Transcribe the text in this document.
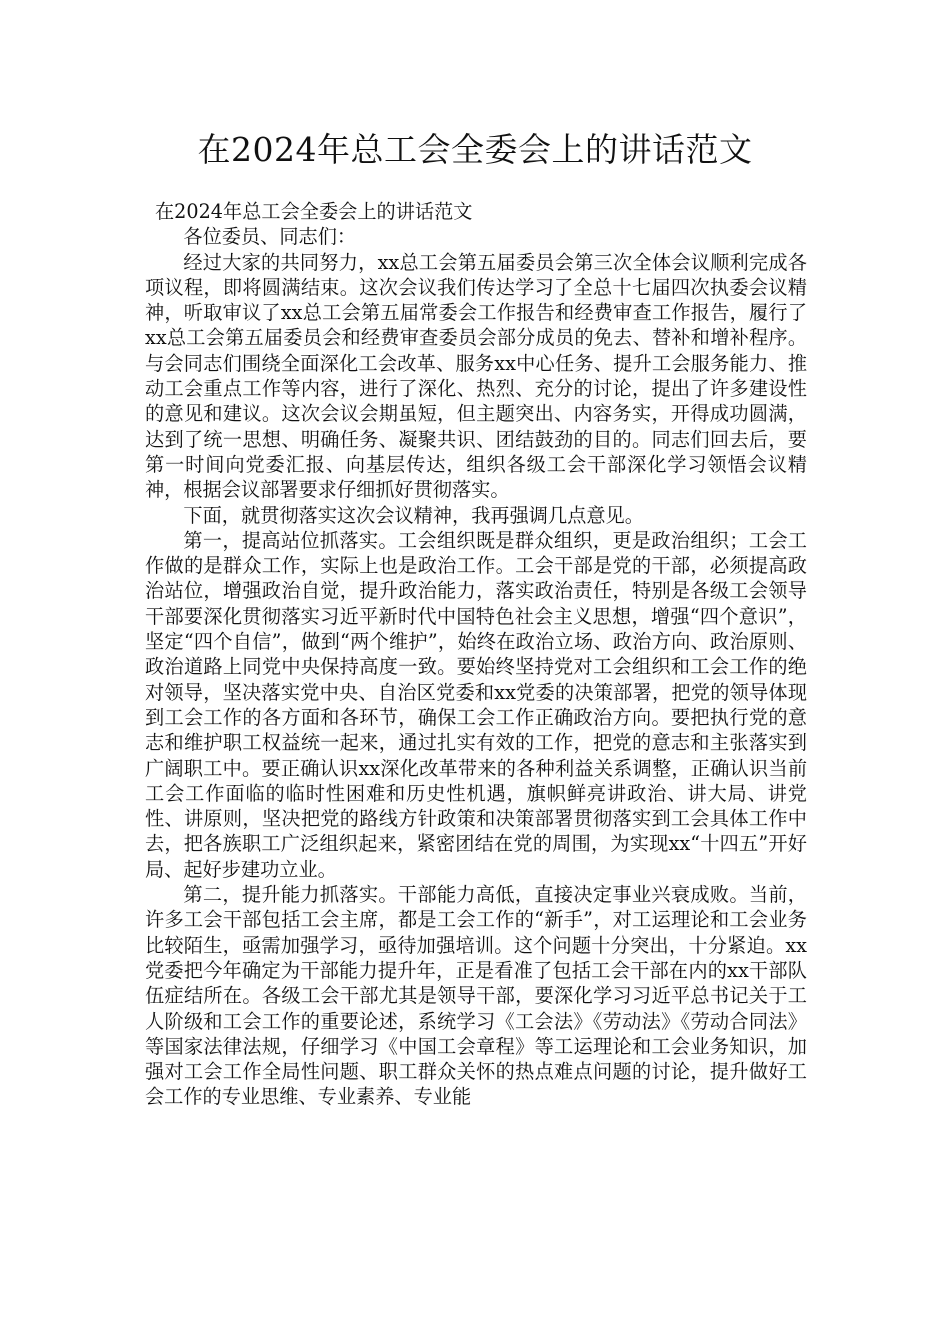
在2024年总工会全委会上的讲话范文

在2024年总工会全委会上的讲话范文

各位委员、同志们：

经过大家的共同努力，xx总工会第五届委员会第三次全体会议顺利完成各项议程，即将圆满结束。这次会议我们传达学习了全总十七届四次执委会议精神，听取审议了xx总工会第五届常委会工作报告和经费审查工作报告，履行了xx总工会第五届委员会和经费审查委员会部分成员的免去、替补和增补程序。与会同志们围绕全面深化工会改革、服务xx中心任务、提升工会服务能力、推动工会重点工作等内容，进行了深化、热烈、充分的讨论，提出了许多建设性的意见和建议。这次会议会期虽短，但主题突出、内容务实，开得成功圆满，达到了统一思想、明确任务、凝聚共识、团结鼓劲的目的。同志们回去后，要第一时间向党委汇报、向基层传达，组织各级工会干部深化学习领悟会议精神，根据会议部署要求仔细抓好贯彻落实。

下面，就贯彻落实这次会议精神，我再强调几点意见。

第一，提高站位抓落实。工会组织既是群众组织，更是政治组织；工会工作做的是群众工作，实际上也是政治工作。工会干部是党的干部，必须提高政治站位，增强政治自觉，提升政治能力，落实政治责任，特别是各级工会领导干部要深化贯彻落实习近平新时代中国特色社会主义思想，增强“四个意识”，坚定“四个自信”，做到“两个维护”，始终在政治立场、政治方向、政治原则、政治道路上同党中央保持高度一致。要始终坚持党对工会组织和工会工作的绝对领导，坚决落实党中央、自治区党委和xx党委的决策部署，把党的领导体现到工会工作的各方面和各环节，确保工会工作正确政治方向。要把执行党的意志和维护职工权益统一起来，通过扎实有效的工作，把党的意志和主张落实到广阔职工中。要正确认识xx深化改革带来的各种利益关系调整，正确认识当前工会工作面临的临时性困难和历史性机遇，旗帜鲜亮讲政治、讲大局、讲党性、讲原则，坚决把党的路线方针政策和决策部署贯彻落实到工会具体工作中去，把各族职工广泛组织起来，紧密团结在党的周围，为实现xx“十四五”开好局、起好步建功立业。

第二，提升能力抓落实。干部能力高低，直接决定事业兴衰成败。当前，许多工会干部包括工会主席，都是工会工作的“新手”，对工运理论和工会业务比较陌生，亟需加强学习，亟待加强培训。这个问题十分突出，十分紧迫。xx党委把今年确定为干部能力提升年，正是看准了包括工会干部在内的xx干部队伍症结所在。各级工会干部尤其是领导干部，要深化学习习近平总书记关于工人阶级和工会工作的重要论述，系统学习《工会法》《劳动法》《劳动合同法》等国家法律法规，仔细学习《中国工会章程》等工运理论和工会业务知识，加强对工会工作全局性问题、职工群众关怀的热点难点问题的讨论，提升做好工会工作的专业思维、专业素养、专业能
